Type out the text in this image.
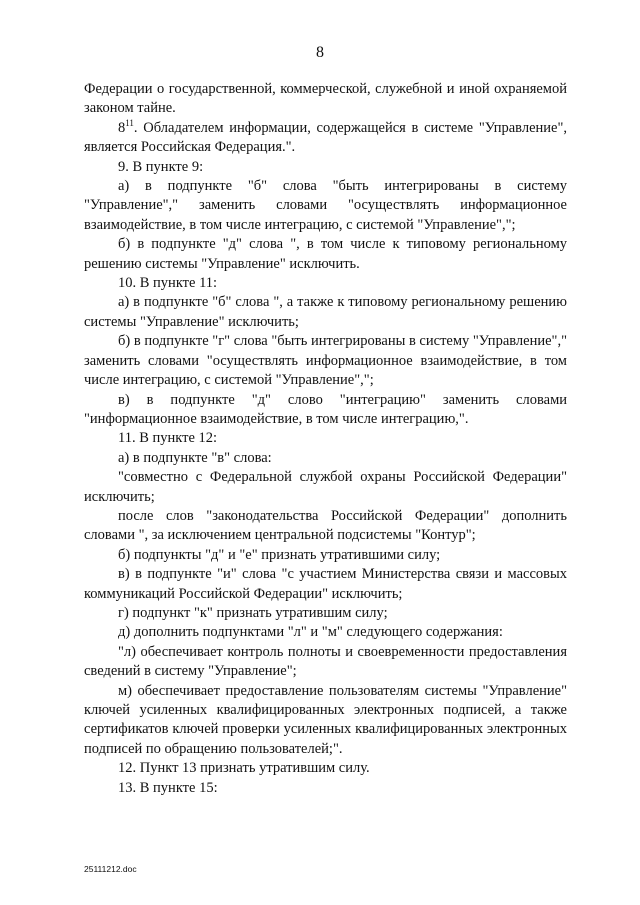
8

Федерации о государственной, коммерческой, служебной и иной охраняемой законом тайне.

$8^{11}$. Обладателем информации, содержащейся в системе "Управление", является Российская Федерация.".

9. В пункте 9:

а) в подпункте "б" слова "быть интегрированы в систему "Управление"," заменить словами "осуществлять информационное взаимодействие, в том числе интеграцию, с системой "Управление",";

б) в подпункте "д" слова ", в том числе к типовому региональному решению системы "Управление" исключить.

10. В пункте 11:

а) в подпункте "б" слова ", а также к типовому региональному решению системы "Управление" исключить;

б) в подпункте "г" слова "быть интегрированы в систему "Управление"," заменить словами "осуществлять информационное взаимодействие, в том числе интеграцию, с системой "Управление",";

в) в подпункте "д" слово "интеграцию" заменить словами "информационное взаимодействие, в том числе интеграцию,".

11. В пункте 12:

а) в подпункте "в" слова:

"совместно с Федеральной службой охраны Российской Федерации" исключить;

после слов "законодательства Российской Федерации" дополнить словами ", за исключением центральной подсистемы "Контур";

б) подпункты "д" и "е" признать утратившими силу;

в) в подпункте "и" слова "с участием Министерства связи и массовых коммуникаций Российской Федерации" исключить;

г) подпункт "к" признать утратившим силу;

д) дополнить подпунктами "л" и "м" следующего содержания:

"л) обеспечивает контроль полноты и своевременности предоставления сведений в систему "Управление";

м) обеспечивает предоставление пользователям системы "Управление" ключей усиленных квалифицированных электронных подписей, а также сертификатов ключей проверки усиленных квалифицированных электронных подписей по обращению пользователей;".

12. Пункт 13 признать утратившим силу.

13. В пункте 15:

25111212.doc
